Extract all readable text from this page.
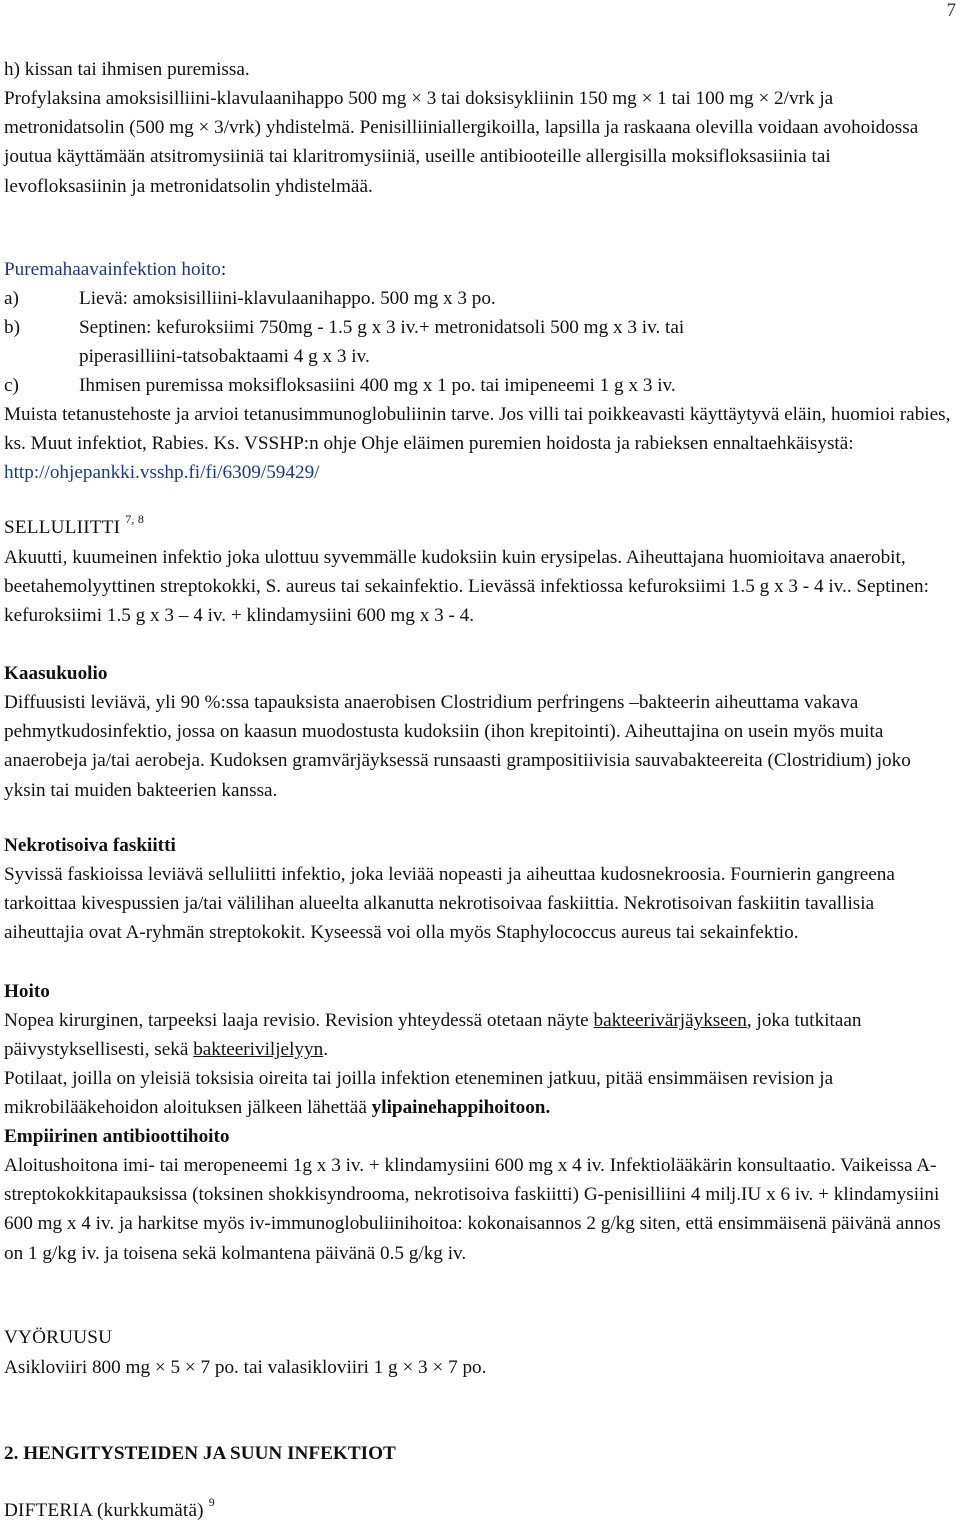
7

h) kissan tai ihmisen puremissa.

Profylaksina amoksisilliini-klavulaanihappo 500 mg × 3 tai doksisykliinin 150 mg × 1 tai 100 mg × 2/vrk ja metronidatsolin (500 mg × 3/vrk) yhdistelmä. Penisilliiniallergikoilla, lapsilla ja raskaana olevilla voidaan avohoidossa joutua käyttämään atsitromysiiniä tai klaritromysiiniä, useille antibiooteille allergisilla moksifloksasiinia tai levofloksasiinin ja metronidatsolin yhdistelmää.

Puremahaavainfektion hoito:

a)	Lievä: amoksisilliini-klavulaanihappo. 500 mg x 3 po.
b)	Septinen: kefuroksiimi 750mg - 1.5 g x 3 iv.+ metronidatsoli 500 mg x 3 iv. tai
piperasilliini-tatsobaktaami 4 g x 3 iv.
c)	Ihmisen puremissa moksifloksasiini 400 mg x 1 po. tai imipeneemi 1 g x 3 iv.

Muista tetanustehoste ja arvioi tetanusimmunoglobuliinin tarve. Jos villi tai poikkeavasti käyttäytyvä eläin, huomioi rabies, ks. Muut infektiot, Rabies. Ks. VSSHP:n ohje Ohje eläimen puremien hoidosta ja rabieksen ennaltaehkäisystä: http://ohjepankki.vsshp.fi/fi/6309/59429/

SELLULIITTI $^{7, 8}$

Akuutti, kuumeinen infektio joka ulottuu syvemmälle kudoksiin kuin erysipelas. Aiheuttajana huomioitava anaerobit, beetahemolyyttinen streptokokki, S. aureus tai sekainfektio. Lievässä infektiossa kefuroksiimi 1.5 g x 3 - 4 iv.. Septinen: kefuroksiimi 1.5 g x 3 – 4 iv. + klindamysiini 600 mg x 3 - 4.

Kaasukuolio

Diffuusisti leviävä, yli 90 %:ssa tapauksista anaerobisen Clostridium perfringens –bakteerin aiheuttama vakava pehmytkudosinfektio, jossa on kaasun muodostusta kudoksiin (ihon krepitointi). Aiheuttajina on usein myös muita anaerobeja ja/tai aerobeja. Kudoksen gramvärjäyksessä runsaasti grampositiivisia sauvabakteereita (Clostridium) joko yksin tai muiden bakteerien kanssa.

Nekrotisoiva faskiitti

Syvissä faskioissa leviävä selluliitti infektio, joka leviää nopeasti ja aiheuttaa kudosnekroosia. Fournierin gangreena tarkoittaa kivespussien ja/tai välilihan alueelta alkanutta nekrotisoivaa faskiittia. Nekrotisoivan faskiitin tavallisia aiheuttajia ovat A-ryhmän streptokokit. Kyseessä voi olla myös Staphylococcus aureus tai sekainfektio.

Hoito

Nopea kirurginen, tarpeeksi laaja revisio. Revision yhteydessä otetaan näyte bakteerivärjäykseen, joka tutkitaan päivystyksellisesti, sekä bakteeriviljelyyn.

Potilaat, joilla on yleisiä toksisia oireita tai joilla infektion eteneminen jatkuu, pitää ensimmäisen revision ja mikrobilääkehoidon aloituksen jälkeen lähettää ylipainehappihoitoon.

Empiirinen antibioottihoito

Aloitushoitona imi- tai meropeneemi 1g x 3 iv. + klindamysiini 600 mg x 4 iv. Infektiolääkärin konsultaatio. Vaikeissa A-streptokokkitapauksissa (toksinen shokkisyndrooma, nekrotisoiva faskiitti) G-penisilliini 4 milj.IU x 6 iv. + klindamysiini 600 mg x 4 iv. ja harkitse myös iv-immunoglobuliinihoitoa: kokonaisannos 2 g/kg siten, että ensimmäisenä päivänä annos on 1 g/kg iv. ja toisena sekä kolmantena päivänä 0.5 g/kg iv.

VYÖRUUSU

Asikloviiri 800 mg × 5 × 7 po. tai valasikloviiri 1 g × 3 × 7 po.

2. HENGITYSTEIDEN JA SUUN INFEKTIOT

DIFTERIA (kurkkumätä) $^9$
